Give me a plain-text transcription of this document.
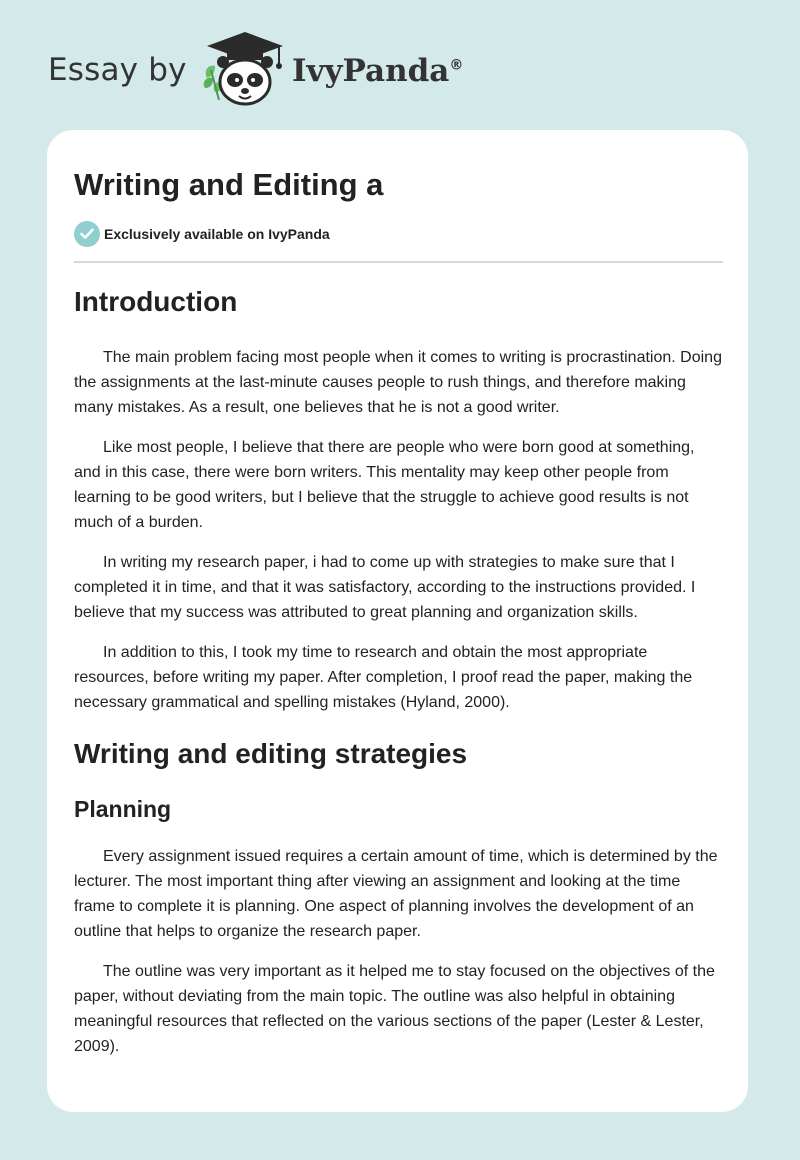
Essay by	IvyPanda®
Writing and Editing a
Exclusively available on IvyPanda
Introduction

The main problem facing most people when it comes to writing is procrastination. Doing the assignments at the last-minute causes people to rush things, and therefore making many mistakes. As a result, one believes that he is not a good writer.

Like most people, I believe that there are people who were born good at something, and in this case, there were born writers. This mentality may keep other people from learning to be good writers, but I believe that the struggle to achieve good results is not much of a burden.

In writing my research paper, i had to come up with strategies to make sure that I completed it in time, and that it was satisfactory, according to the instructions provided. I believe that my success was attributed to great planning and organization skills.

In addition to this, I took my time to research and obtain the most appropriate resources, before writing my paper. After completion, I proof read the paper, making the necessary grammatical and spelling mistakes (Hyland, 2000).

Writing and editing strategies
Planning

Every assignment issued requires a certain amount of time, which is determined by the lecturer. The most important thing after viewing an assignment and looking at the time frame to complete it is planning. One aspect of planning involves the development of an outline that helps to organize the research paper.

The outline was very important as it helped me to stay focused on the objectives of the paper, without deviating from the main topic. The outline was also helpful in obtaining meaningful resources that reflected on the various sections of the paper (Lester & Lester, 2009).
